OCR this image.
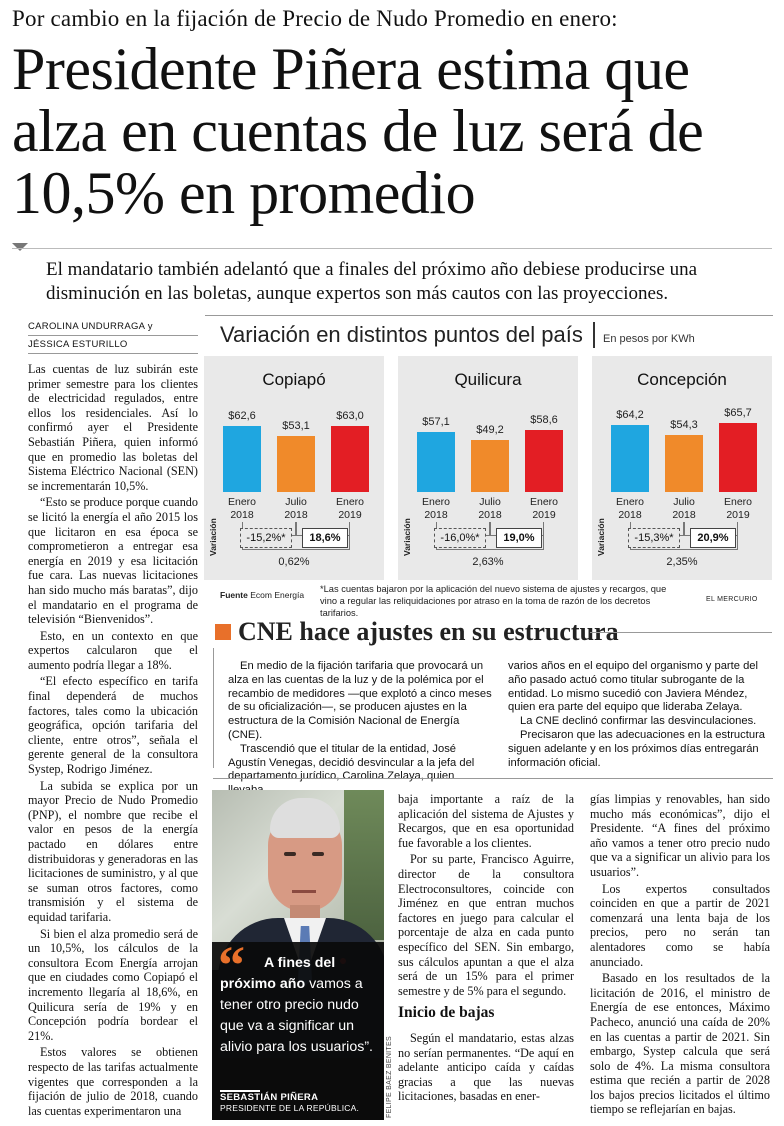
Por cambio en la fijación de Precio de Nudo Promedio en enero:
Presidente Piñera estima que alza en cuentas de luz será de 10,5% en promedio
El mandatario también adelantó que a finales del próximo año debiese producirse una disminución en las boletas, aunque expertos son más cautos con las proyecciones.
CAROLINA UNDURRAGA y
JÉSSICA ESTURILLO

Las cuentas de luz subirán este primer semestre para los clientes de electricidad regulados, entre ellos los residenciales. Así lo confirmó ayer el Presidente Sebastián Piñera, quien informó que en promedio las boletas del Sistema Eléctrico Nacional (SEN) se incrementarán 10,5%.

“Esto se produce porque cuando se licitó la energía el año 2015 los que licitaron en esa época se comprometieron a entregar esa energía en 2019 y esa licitación fue cara. Las nuevas licitaciones han sido mucho más baratas”, dijo el mandatario en el programa de televisión “Bienvenidos”.

Esto, en un contexto en que expertos calcularon que el aumento podría llegar a 18%.

“El efecto específico en tarifa final dependerá de muchos factores, tales como la ubicación geográfica, opción tarifaria del cliente, entre otros”, señala el gerente general de la consultora Systep, Rodrigo Jiménez.

La subida se explica por un mayor Precio de Nudo Promedio (PNP), el nombre que recibe el valor en pesos de la energía pactado en dólares entre distribuidoras y generadoras en las licitaciones de suministro, y al que se suman otros factores, como transmisión y el sistema de equidad tarifaria.

Si bien el alza promedio será de un 10,5%, los cálculos de la consultora Ecom Energía arrojan que en ciudades como Copiapó el incremento llegaría al 18,6%, en Quilicura sería de 19% y en Concepción podría bordear el 21%.

Estos valores se obtienen respecto de las tarifas actualmente vigentes que corresponden a la fijación de julio de 2018, cuando las cuentas experimentaron una

Variación en distintos puntos del país En pesos por KWh
Copiapó
$62,6
Enero
2018
$53,1
Julio
2018
$63,0
Enero
2019
Variación	-15,2%*	18,6%
0,62%
Quilicura
$57,1
Enero
2018
$49,2
Julio
2018
$58,6
Enero
2019
Variación	-16,0%*	19,0%
2,63%
Concepción
$64,2
Enero
2018
$54,3
Julio
2018
$65,7
Enero
2019
Variación	-15,3%*	20,9%
2,35%
Fuente Ecom Energía
*Las cuentas bajaron por la aplicación del nuevo sistema de ajustes y recargos, que vino a regular las reliquidaciones por atraso en la toma de razón de los decretos tarifarios.
EL MERCURIO
CNE hace ajustes en su estructura

En medio de la fijación tarifaria que provocará un alza en las cuentas de la luz y de la polémica por el recambio de medidores —que explotó a cinco meses de su oficialización—, se producen ajustes en la estructura de la Comisión Nacional de Energía (CNE).

Trascendió que el titular de la entidad, José Agustín Venegas, decidió desvincular a la jefa del departamento jurídico, Carolina Zelaya, quien

varios años en el equipo del organismo y parte del año pasado actuó como titular subrogante de la entidad. Lo mismo sucedió con Javiera Méndez, quien era parte del equipo que lideraba Zelaya.

La CNE declinó confirmar las desvinculaciones.

Precisaron que las adecuaciones en la estructura siguen adelante y en los próximos días entregarán información oficial.

“	A fines del próximo año vamos a tener otro precio nudo que va a significar un alivio para los usuarios”.
SEBASTIÁN PIÑERA
PRESIDENTE DE LA REPÚBLICA.	FELIPE BAEZ BENITES

baja importante a raíz de la aplicación del sistema de Ajustes y Recargos, que en esa oportunidad fue favorable a los clientes.

Por su parte, Francisco Aguirre, director de la consultora Electroconsultores, coincide con Jiménez en que entran muchos factores en juego para calcular el porcentaje de alza en cada punto específico del SEN. Sin embargo, sus cálculos apuntan a que el alza será de un 15% para el primer semestre y de 5% para el segundo.

Inicio de bajas

Según el mandatario, estas alzas no serían permanentes. “De aquí en adelante anticipo caída y caídas gracias a que las nuevas licitaciones, basadas en ener-

gías limpias y renovables, han sido mucho más económicas”, dijo el Presidente. “A fines del próximo año vamos a tener otro precio nudo que va a significar un alivio para los usuarios”.

Los expertos consultados coinciden en que a partir de 2021 comenzará una lenta baja de los precios, pero no serán tan alentadores como se había anunciado.

Basado en los resultados de la licitación de 2016, el ministro de Energía de ese entonces, Máximo Pacheco, anunció una caída de 20% en las cuentas a partir de 2021. Sin embargo, Systep calcula que será solo de 4%. La misma consultora estima que recién a partir de 2028 los bajos precios licitados el último tiempo se reflejarían en bajas.
